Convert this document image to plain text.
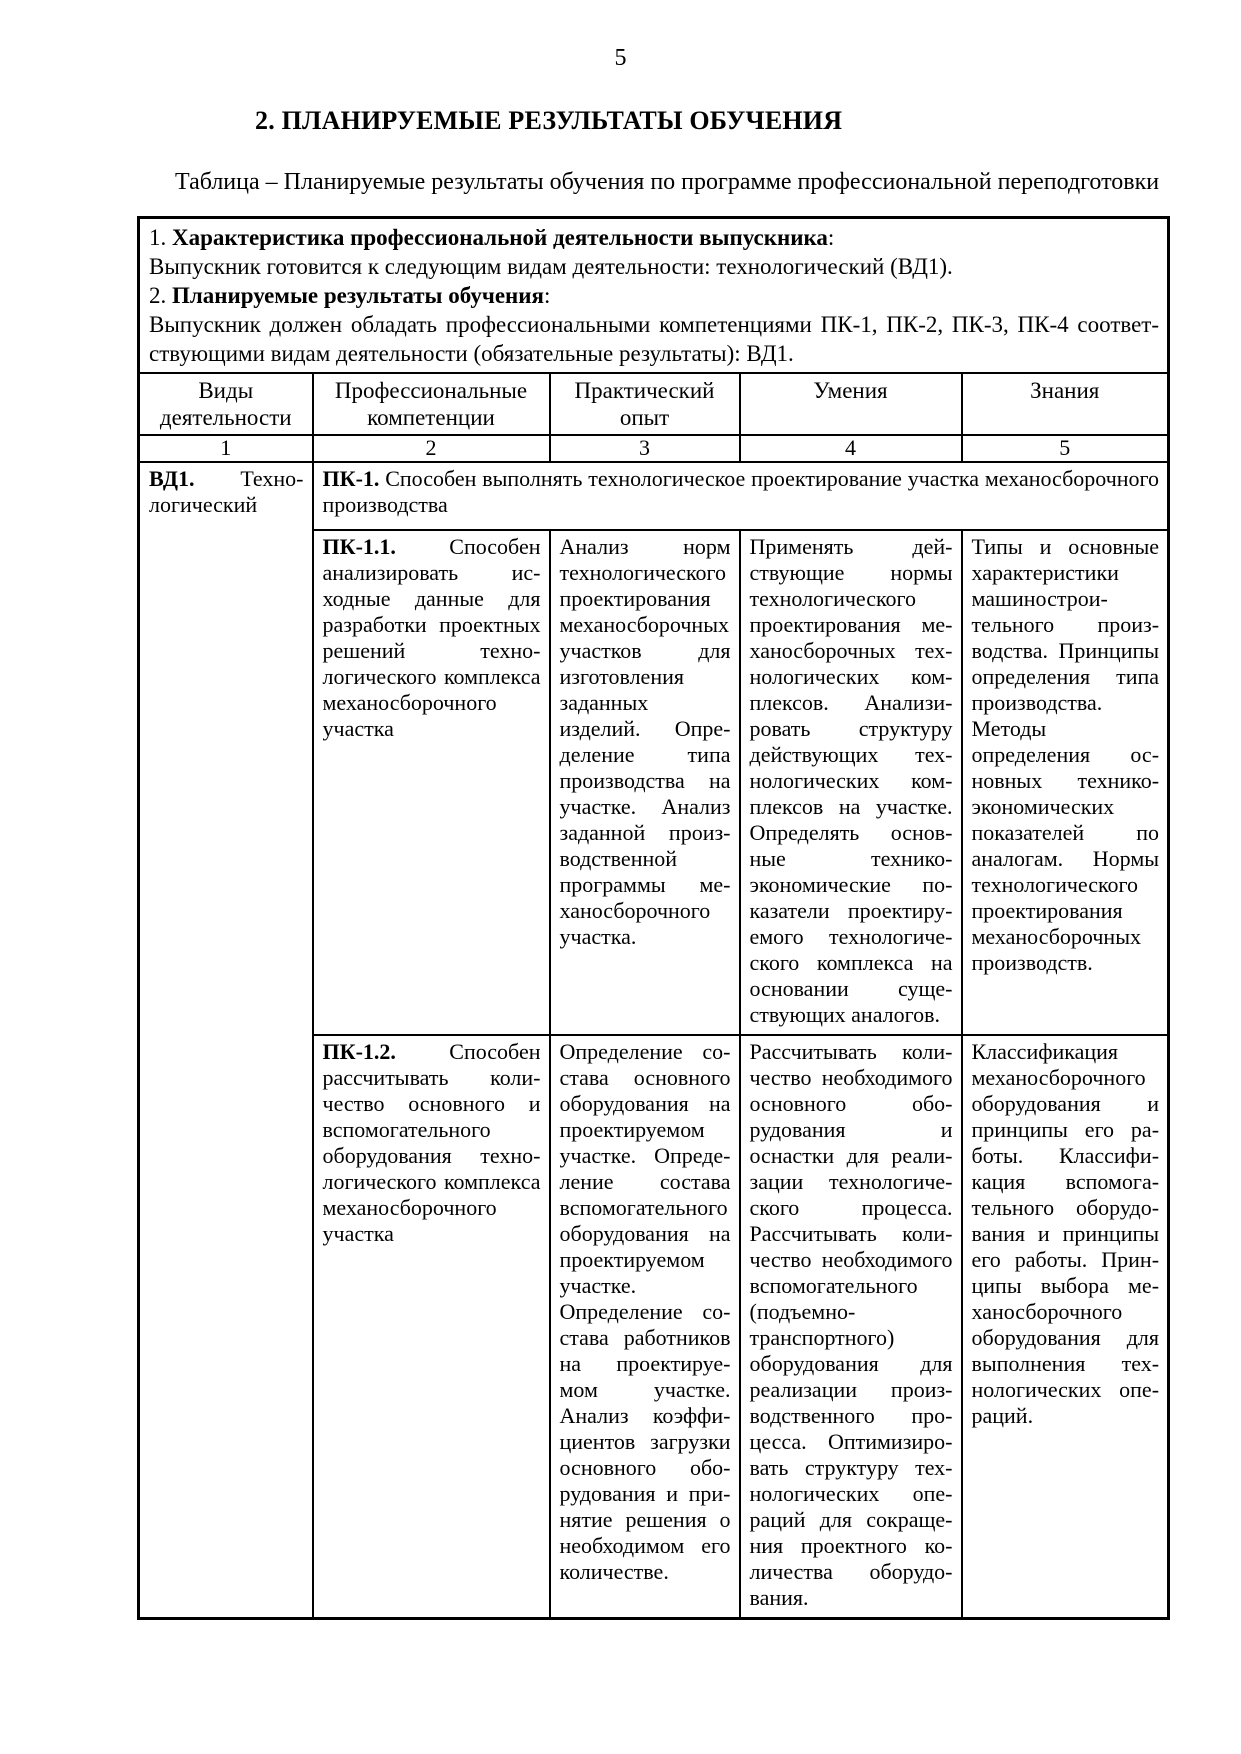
5
2. ПЛАНИРУЕМЫЕ РЕЗУЛЬТАТЫ ОБУЧЕНИЯ

Таблица – Планируемые результаты обучения по программе профессиональной переподготовки

1. Характеристика профессиональной деятельности выпускника:
Выпускник готовится к следующим видам деятельности: технологический (ВД1).
2. Планируемые результаты обучения:
Выпускник должен обладать профессиональными компетенциями ПК-1, ПК-2, ПК-3, ПК-4 соответствующими видам деятельности (обязательные результаты): ВД1.				

Виды деятельности	Профессиональные компетенции	Практический опыт	Умения	Знания
1	2	3	4	5
ВД1. Технологический	ПК-1. Способен выполнять технологическое проектирование участка механосборочного производства			
ПК-1.1. Способен анализировать исходные данные для разработки проектных решений технологического комплекса механосборочного участка	Анализ норм технологического проектирования механосборочных участков для изготовления заданных изделий. Определение типа производства на участке. Анализ заданной производственной программы механосборочного участка.	Применять действующие нормы технологического проектирования механосборочных технологических комплексов. Анализировать структуру действующих технологических комплексов на участке. Определять основные технико-экономические показатели проектируемого технологического комплекса на основании существующих аналогов.	Типы и основные характеристики машиностроительного производства. Принципы определения типа производства. Методы определения основных технико-экономических показателей по аналогам. Нормы технологического проектирования механосборочных производств.
ПК-1.2. Способен рассчитывать количество основного и вспомогательного оборудования технологического комплекса механосборочного участка	Определение состава основного оборудования на проектируемом участке. Определение состава вспомогательного оборудования на проектируемом участке. Определение состава работников на проектируемом участке. Анализ коэффициентов загрузки основного оборудования и принятие решения о необходимом его количестве.	Рассчитывать количество необходимого основного оборудования и оснастки для реализации технологического процесса. Рассчитывать количество необходимого вспомогательного (подъемно-транспортного) оборудования для реализации производственного процесса. Оптимизировать структуру технологических операций для сокращения проектного количества оборудования.	Классификация механосборочного оборудования и принципы его работы. Классификация вспомогательного оборудования и принципы его работы. Принципы выбора механосборочного оборудования для выполнения технологических операций.
